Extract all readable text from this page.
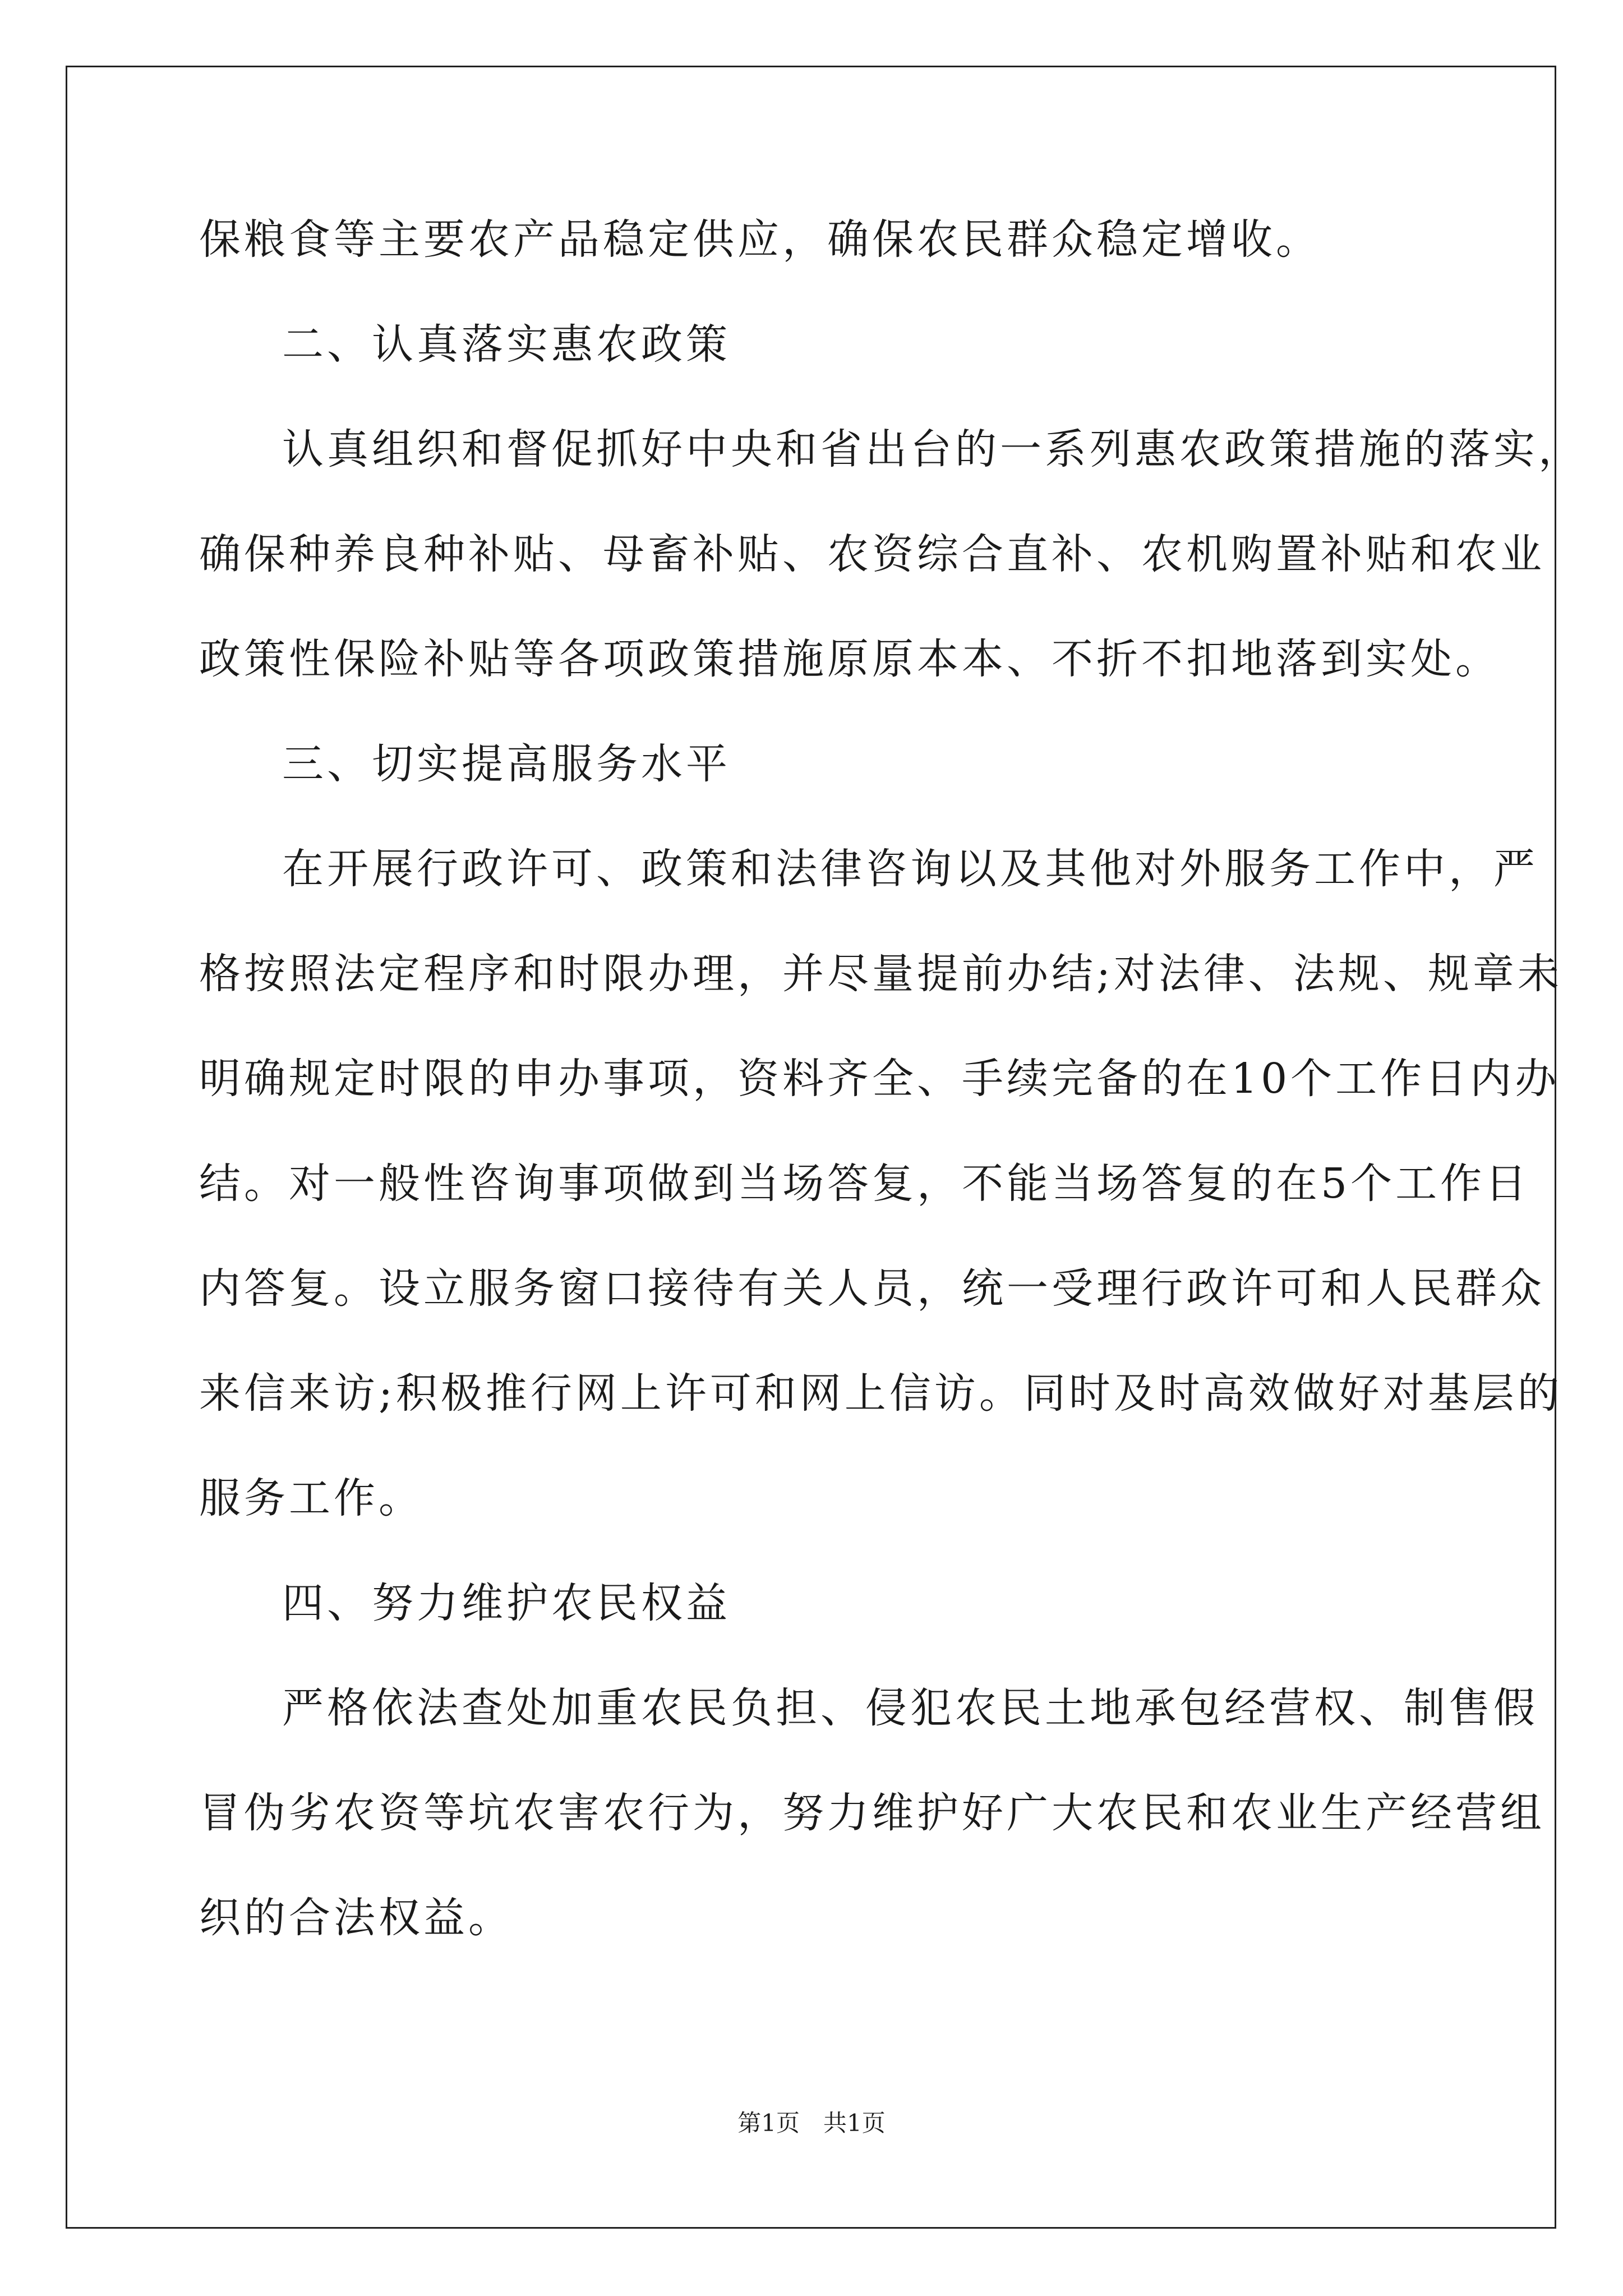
保粮食等主要农产品稳定供应，确保农民群众稳定增收。
二、认真落实惠农政策
认真组织和督促抓好中央和省出台的一系列惠农政策措施的落实，
确保种养良种补贴、母畜补贴、农资综合直补、农机购置补贴和农业
政策性保险补贴等各项政策措施原原本本、不折不扣地落到实处。
三、切实提高服务水平
在开展行政许可、政策和法律咨询以及其他对外服务工作中，严
格按照法定程序和时限办理，并尽量提前办结;对法律、法规、规章未
明确规定时限的申办事项，资料齐全、手续完备的在10个工作日内办
结。对一般性咨询事项做到当场答复，不能当场答复的在5个工作日
内答复。设立服务窗口接待有关人员，统一受理行政许可和人民群众
来信来访;积极推行网上许可和网上信访。同时及时高效做好对基层的
服务工作。
四、努力维护农民权益
严格依法查处加重农民负担、侵犯农民土地承包经营权、制售假
冒伪劣农资等坑农害农行为，努力维护好广大农民和农业生产经营组
织的合法权益。
第1页　共1页
